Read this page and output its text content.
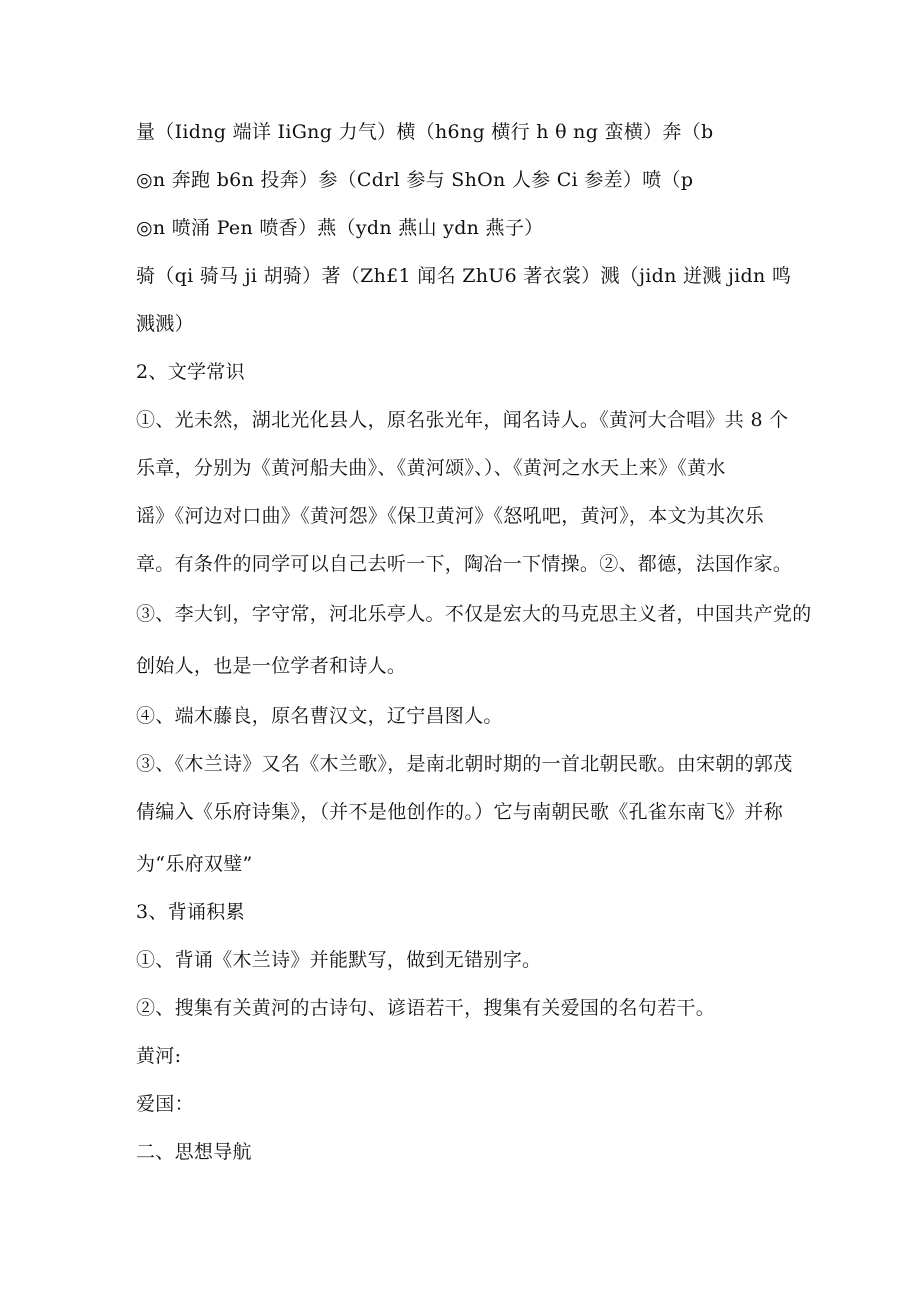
量（Iidng 端详 IiGng 力气）横（h6ng 横行 h θ ng 蛮横）奔（b
◎n 奔跑 b6n 投奔）参（Cdrl 参与 ShOn 人参 Ci 参差）喷（p
◎n 喷涌 Pen 喷香）燕（ydn 燕山 ydn 燕子）
骑（qi 骑马 ji 胡骑）著（Zh£1 闻名 ZhU6 著衣裳）溅（jidn 迸溅 jidn 鸣
溅溅）
2、文学常识
①、光未然，湖北光化县人，原名张光年，闻名诗人。《黄河大合唱》共 8 个
乐章，分别为《黄河船夫曲》、《黄河颂》、）、《黄河之水天上来》《黄水
谣》《河边对口曲》《黄河怨》《保卫黄河》《怒吼吧，黄河》，本文为其次乐
章。有条件的同学可以自己去听一下，陶冶一下情操。②、都德，法国作家。
③、李大钊，字守常，河北乐亭人。不仅是宏大的马克思主义者，中国共产党的
创始人，也是一位学者和诗人。
④、端木藤良，原名曹汉文，辽宁昌图人。
③、《木兰诗》又名《木兰歌》，是南北朝时期的一首北朝民歌。由宋朝的郭茂
倩编入《乐府诗集》，（并不是他创作的。）它与南朝民歌《孔雀东南飞》并称
为“乐府双璧”
3、背诵积累
①、背诵《木兰诗》并能默写，做到无错别字。
②、搜集有关黄河的古诗句、谚语若干，搜集有关爱国的名句若干。
黄河:
爱国：
二、思想导航
